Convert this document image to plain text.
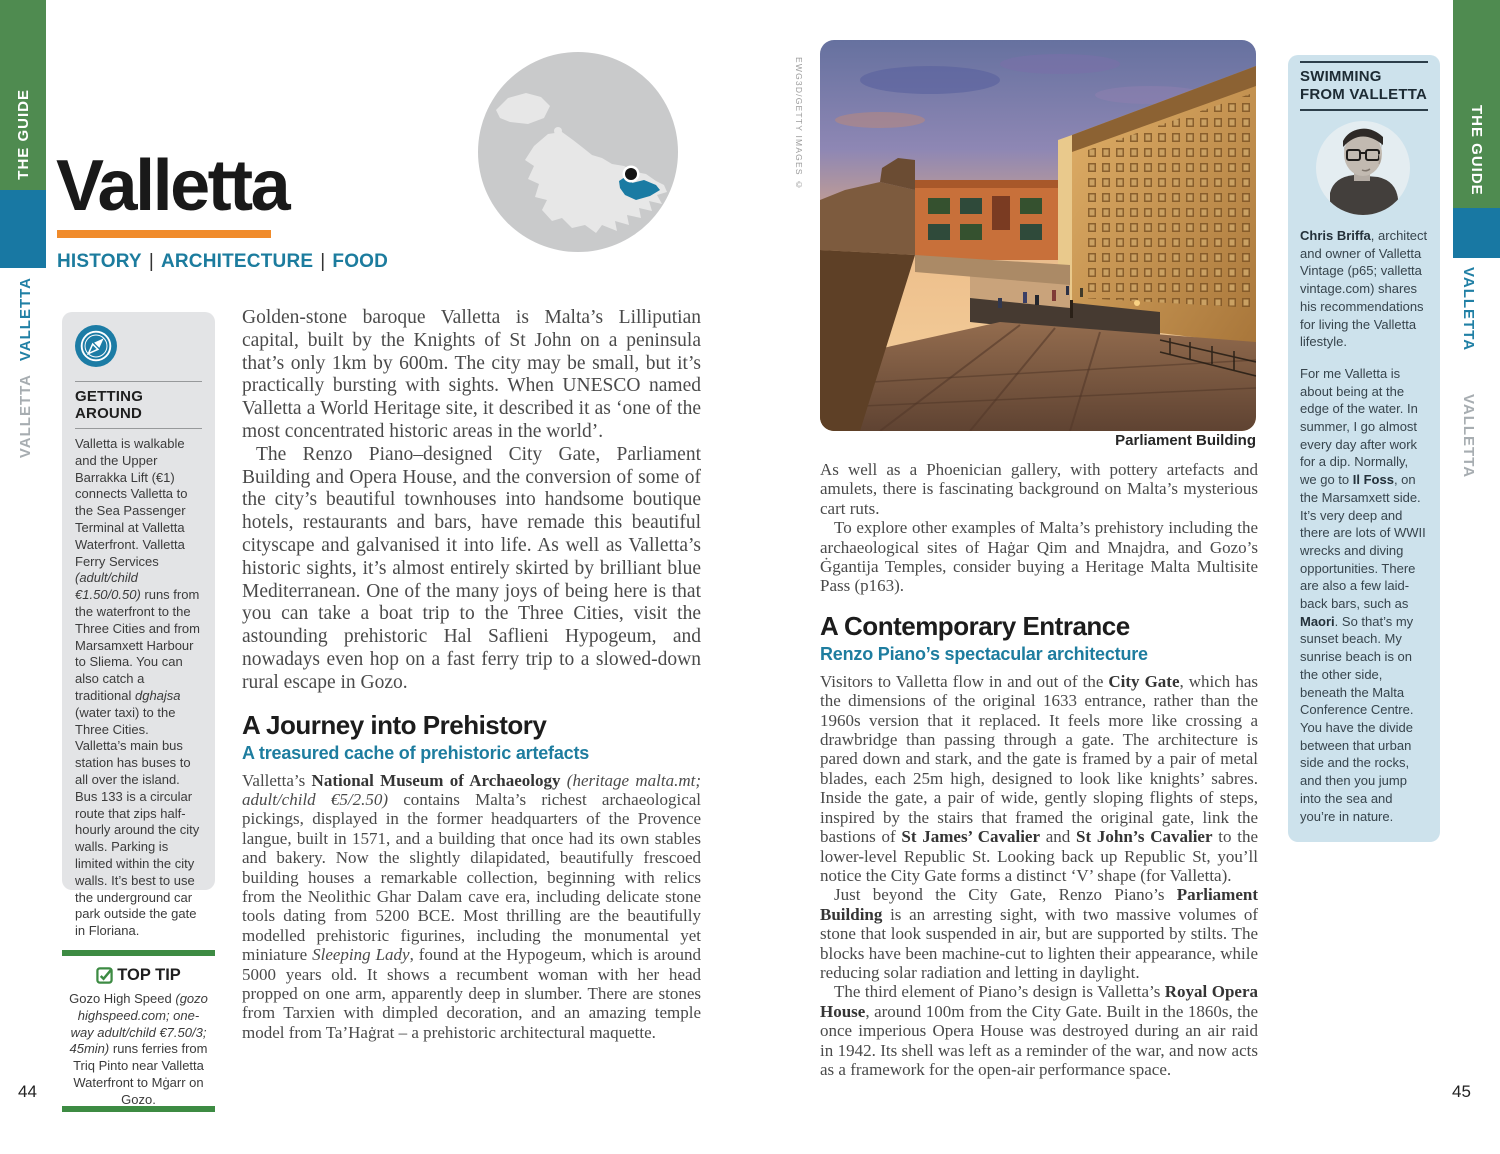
THE GUIDE
VALLETTA
VALLETTA
THE GUIDE
VALLETTA
VALLETTA
Valletta
HISTORY | ARCHITECTURE | FOOD
GETTING AROUND
Valletta is walkable and the Upper Barrakka Lift (€1) connects Valletta to the Sea Passenger Terminal at Valletta Waterfront. Valletta Ferry Services (adult/child €1.50/0.50) runs from the waterfront to the Three Cities and from Marsamxett Harbour to Sliema. You can also catch a traditional dghajsa (water taxi) to the Three Cities. Valletta’s main bus station has buses to all over the island. Bus 133 is a circular route that zips half-hourly around the city walls. Parking is limited within the city walls. It’s best to use the underground car park outside the gate in Floriana.
TOP TIP
Gozo High Speed (gozo highspeed.com; one-way adult/child €7.50/3; 45min) runs ferries from Triq Pinto near Valletta Waterfront to Mġarr on Gozo.

Golden-stone baroque Valletta is Malta’s Lilliputian capital, built by the Knights of St John on a peninsula that’s only 1km by 600m. The city may be small, but it’s practically bursting with sights. When UNESCO named Valletta a World Heritage site, it described it as ‘one of the most concentrated historic areas in the world’.

The Renzo Piano–designed City Gate, Parliament Building and Opera House, and the conversion of some of the city’s beautiful townhouses into handsome boutique hotels, restaurants and bars, have remade this beautiful cityscape and galvanised it into life. As well as Valletta’s historic sights, it’s almost entirely skirted by brilliant blue Mediterranean. One of the many joys of being here is that you can take a boat trip to the Three Cities, visit the astounding prehistoric Hal Saflieni Hypogeum, and nowadays even hop on a fast ferry trip to a slowed-down rural escape in Gozo.

A Journey into Prehistory
A treasured cache of prehistoric artefacts

Valletta’s National Museum of Archaeology (heritage malta.mt; adult/child €5/2.50) contains Malta’s richest archaeological pickings, displayed in the former headquarters of the Provence langue, built in 1571, and a building that once had its own stables and bakery. Now the slightly dilapidated, beautifully frescoed building houses a remarkable collection, beginning with relics from the Neolithic Ghar Dalam cave era, including delicate stone tools dating from 5200 BCE. Most thrilling are the beautifully modelled prehistoric figurines, including the monumental yet miniature Sleeping Lady, found at the Hypogeum, which is around 5000 years old. It shows a recumbent woman with her head propped on one arm, apparently deep in slumber. There are stones from Tarxien with dimpled decoration, and an amazing temple model from Ta’Haġrat – a prehistoric architectural maquette.

EWG3D/GETTY IMAGES ©
Parliament Building

As well as a Phoenician gallery, with pottery artefacts and amulets, there is fascinating background on Malta’s mysterious cart ruts.

To explore other examples of Malta’s prehistory including the archaeological sites of Haġar Qim and Mnajdra, and Gozo’s Ġgantija Temples, consider buying a Heritage Malta Multisite Pass (p163).

A Contemporary Entrance
Renzo Piano’s spectacular architecture

Visitors to Valletta flow in and out of the City Gate, which has the dimensions of the original 1633 entrance, rather than the 1960s version that it replaced. It feels more like crossing a drawbridge than passing through a gate. The architecture is pared down and stark, and the gate is framed by a pair of metal blades, each 25m high, designed to look like knights’ sabres. Inside the gate, a pair of wide, gently sloping flights of steps, inspired by the stairs that framed the original gate, link the bastions of St James’ Cavalier and St John’s Cavalier to the lower-level Republic St. Looking back up Republic St, you’ll notice the City Gate forms a distinct ‘V’ shape (for Valletta).

Just beyond the City Gate, Renzo Piano’s Parliament Building is an arresting sight, with two massive volumes of stone that look suspended in air, but are supported by stilts. The blocks have been machine-cut to lighten their appearance, while reducing solar radiation and letting in daylight.

The third element of Piano’s design is Valletta’s Royal Opera House, around 100m from the City Gate. Built in the 1860s, the once imperious Opera House was destroyed during an air raid in 1942. Its shell was left as a reminder of the war, and now acts as a framework for the open-air performance space.

SWIMMING FROM VALLETTA

Chris Briffa, architect and owner of Valletta Vintage (p65; valletta vintage.com) shares his recommendations for living the Valletta lifestyle.

For me Valletta is about being at the edge of the water. In summer, I go almost every day after work for a dip. Normally, we go to Il Foss, on the Marsamxett side. It’s very deep and there are lots of WWII wrecks and diving opportunities. There are also a few laid-back bars, such as Maori. So that’s my sunset beach. My sunrise beach is on the other side, beneath the Malta Conference Centre. You have the divide between that urban side and the rocks, and then you jump into the sea and you’re in nature.

44	45
